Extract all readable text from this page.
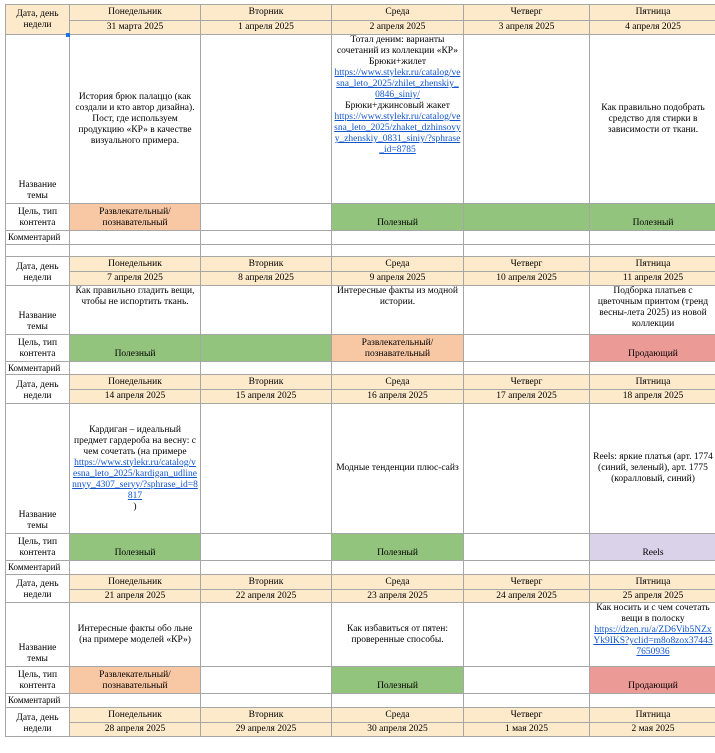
Дата, день недели	Понедельник	Вторник	Среда	Четверг	Пятница
	31 марта 2025	1 апреля 2025	2 апреля 2025	3 апреля 2025	4 апреля 2025
Название темы	История брюк палаццо (как создали и кто автор дизайна). Пост, где используем продукцию «КР» в качестве визуального примера.		Тотал деним: варианты сочетаний из коллекции «КР»
Брюки+жилет
https://www.stylekr.ru/catalog/vesna_leto_2025/zhilet_zhenskiy_0846_siniy/
Брюки+джинсовый жакет
https://www.stylekr.ru/catalog/vesna_leto_2025/zhaket_dzhinsovyy_zhenskiy_0831_siniy/?sphrase_id=8785		Как правильно подобрать средство для стирки в зависимости от ткани.
Цель, тип контента	Развлекательный/познавательный		Полезный		Полезный
Комментарий					

Дата, день недели	Понедельник	Вторник	Среда	Четверг	Пятница
	7 апреля 2025	8 апреля 2025	9 апреля 2025	10 апреля 2025	11 апреля 2025
Название темы	Как правильно гладить вещи, чтобы не испортить ткань.		Интересные факты из модной истории.		Подборка платьев с цветочным принтом (тренд весны-лета 2025) из новой коллекции
Цель, тип контента	Полезный		Развлекательный/познавательный		Продающий
Комментарий					
Дата, день недели	Понедельник	Вторник	Среда	Четверг	Пятница
	14 апреля 2025	15 апреля 2025	16 апреля 2025	17 апреля 2025	18 апреля 2025
Название темы	Кардиган – идеальный предмет гардероба на весну: с чем сочетать (на примере
https://www.stylekr.ru/catalog/vesna_leto_2025/kardigan_udlinennyy_4307_seryy/?sphrase_id=8817
)		Модные тенденции плюс-сайз		Reels: яркие платья (арт. 1774 (синий, зеленый), арт. 1775 (коралловый, синий)
Цель, тип контента	Полезный		Полезный		Reels
Комментарий					
Дата, день недели	Понедельник	Вторник	Среда	Четверг	Пятница
	21 апреля 2025	22 апреля 2025	23 апреля 2025	24 апреля 2025	25 апреля 2025
Название темы	Интересные факты обо льне (на примере моделей «КР»)		Как избавиться от пятен: проверенные способы.		Как носить и с чем сочетать вещи в полоску
https://dzen.ru/a/ZD6Vib5NZxYk9IKS?yclid=m8o8zox374437650936

Цель, тип контента	Развлекательный/познавательный		Полезный		Продающий
Комментарий					
Дата, день недели	Понедельник	Вторник	Среда	Четверг	Пятница
	28 апреля 2025	29 апреля 2025	30 апреля 2025	1 мая 2025	2 мая 2025
